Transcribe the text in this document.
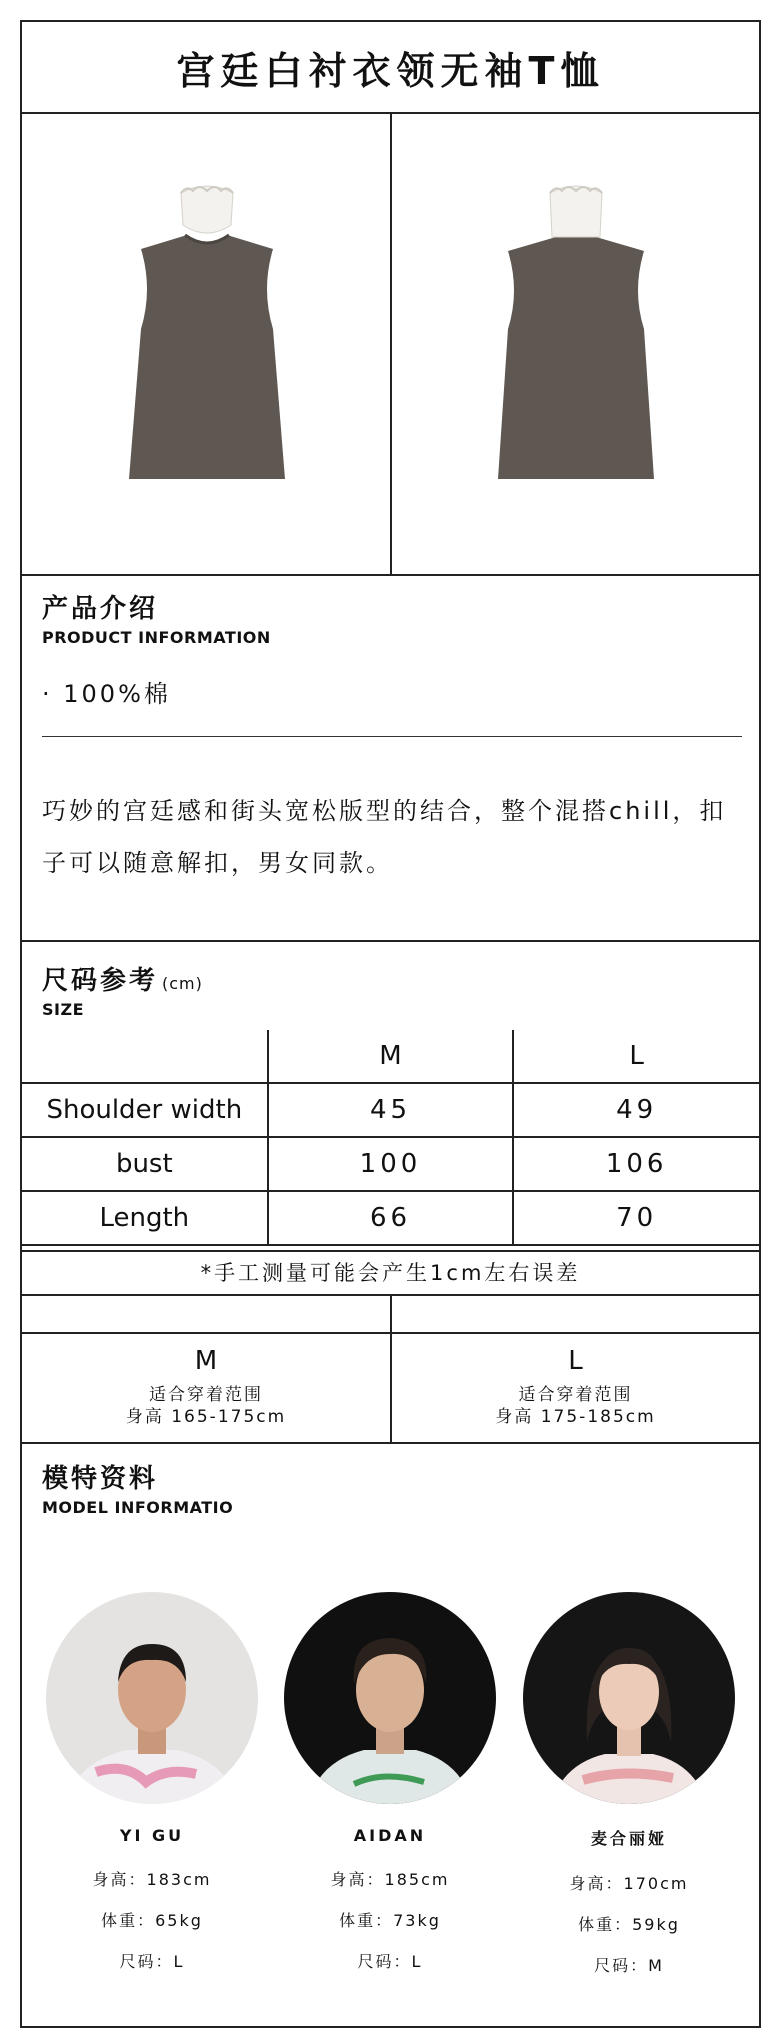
宫廷白衬衣领无袖T恤
产品介绍
PRODUCT INFORMATION
· 100%棉
巧妙的宫廷感和街头宽松版型的结合，整个混搭chill，扣子可以随意解扣，男女同款。
尺码参考 (cm)
SIZE
	M	L
Shoulder width	45	49
bust	100	106
Length	66	70
*手工测量可能会产生1cm左右误差
M
适合穿着范围
身高 165-175cm
L
适合穿着范围
身高 175-185cm
模特资料
MODEL INFORMATIO
YI GU
身高：183cm
体重：65kg
尺码：L
AIDAN
身高：185cm
体重：73kg
尺码：L
麦合丽娅
身高：170cm
体重：59kg
尺码：M
